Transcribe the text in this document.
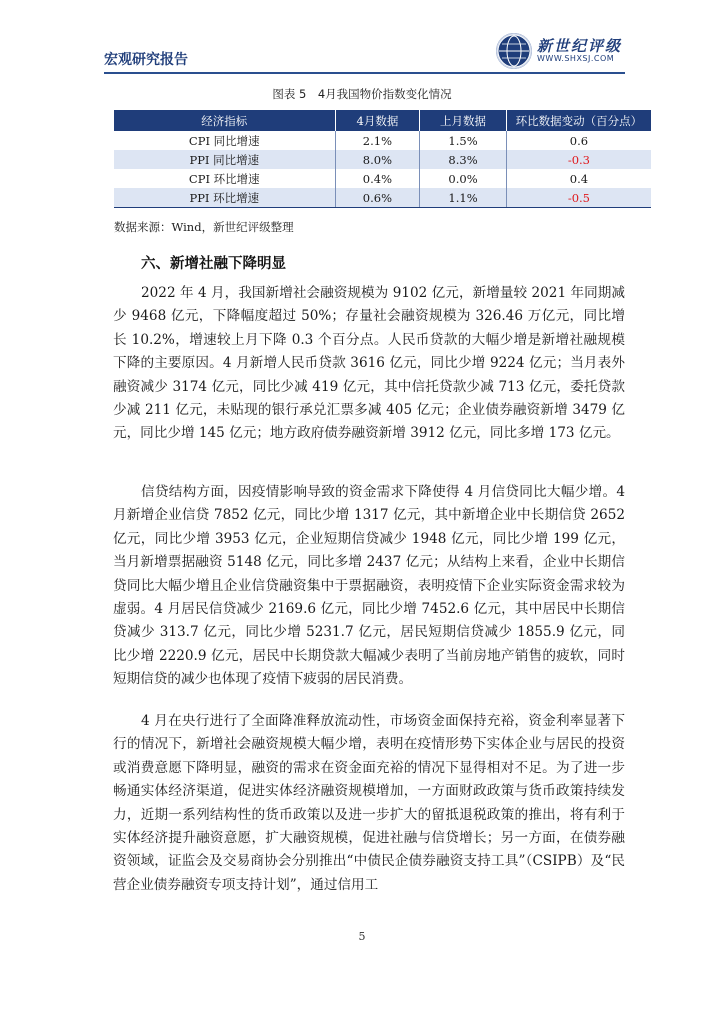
宏观研究报告
新世纪评级
WWW.SHXSJ.COM
图表 5　4月我国物价指数变化情况
经济指标	4月数据	上月数据	环比数据变动（百分点）
CPI 同比增速	2.1%	1.5%	0.6
PPI 同比增速	8.0%	8.3%	-0.3
CPI 环比增速	0.4%	0.0%	0.4
PPI 环比增速	0.6%	1.1%	-0.5
数据来源：Wind，新世纪评级整理
六、新增社融下降明显

2022 年 4 月，我国新增社会融资规模为 9102 亿元，新增量较 2021 年同期减少 9468 亿元，下降幅度超过 50%；存量社会融资规模为 326.46 万亿元，同比增长 10.2%，增速较上月下降 0.3 个百分点。人民币贷款的大幅少增是新增社融规模下降的主要原因。4 月新增人民币贷款 3616 亿元，同比少增 9224 亿元；当月表外融资减少 3174 亿元，同比少减 419 亿元，其中信托贷款少减 713 亿元，委托贷款少减 211 亿元，未贴现的银行承兑汇票多减 405 亿元；企业债券融资新增 3479 亿元，同比少增 145 亿元；地方政府债券融资新增 3912 亿元，同比多增 173 亿元。

信贷结构方面，因疫情影响导致的资金需求下降使得 4 月信贷同比大幅少增。4 月新增企业信贷 7852 亿元，同比少增 1317 亿元，其中新增企业中长期信贷 2652 亿元，同比少增 3953 亿元，企业短期信贷减少 1948 亿元，同比少增 199 亿元，当月新增票据融资 5148 亿元，同比多增 2437 亿元；从结构上来看，企业中长期信贷同比大幅少增且企业信贷融资集中于票据融资，表明疫情下企业实际资金需求较为虚弱。4 月居民信贷减少 2169.6 亿元，同比少增 7452.6 亿元，其中居民中长期信贷减少 313.7 亿元，同比少增 5231.7 亿元，居民短期信贷减少 1855.9 亿元，同比少增 2220.9 亿元，居民中长期贷款大幅减少表明了当前房地产销售的疲软，同时短期信贷的减少也体现了疫情下疲弱的居民消费。

4 月在央行进行了全面降准释放流动性，市场资金面保持充裕，资金利率显著下行的情况下，新增社会融资规模大幅少增，表明在疫情形势下实体企业与居民的投资或消费意愿下降明显，融资的需求在资金面充裕的情况下显得相对不足。为了进一步畅通实体经济渠道，促进实体经济融资规模增加，一方面财政政策与货币政策持续发力，近期一系列结构性的货币政策以及进一步扩大的留抵退税政策的推出，将有利于实体经济提升融资意愿，扩大融资规模，促进社融与信贷增长；另一方面，在债券融资领域，证监会及交易商协会分别推出“中债民企债券融资支持工具”（CSIPB）及“民营企业债券融资专项支持计划”，通过信用工

5
